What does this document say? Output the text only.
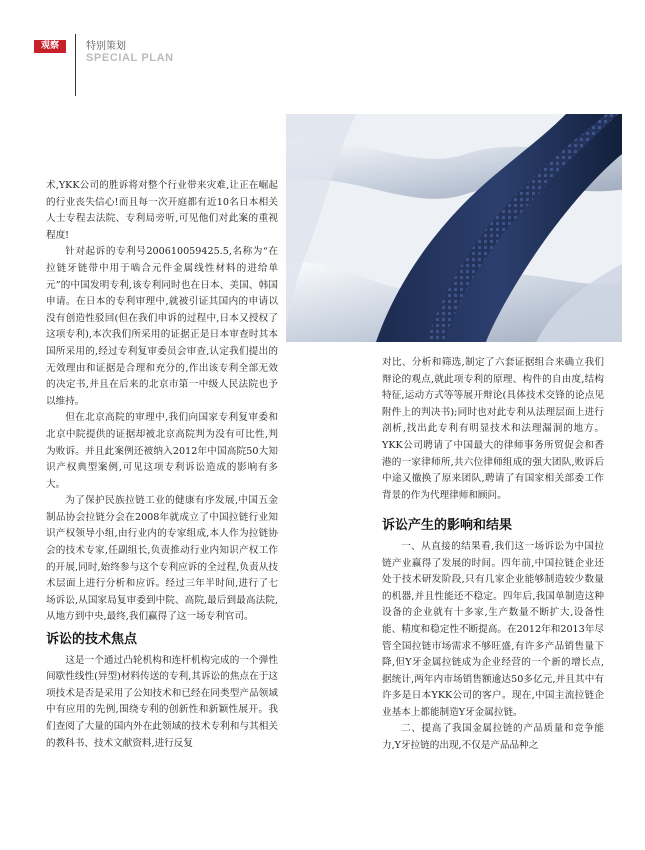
观察	特别策划
SPECIAL PLAN

术,YKK公司的胜诉将对整个行业带来灾难,让正在崛起的行业丧失信心!而且每一次开庭都有近10名日本相关人士专程去法院、专利局旁听,可见他们对此案的重视程度!

针对起诉的专利号200610059425.5,名称为“在拉链牙链带中用于啮合元件金属线性材料的进给单元”的中国发明专利,该专利同时也在日本、美国、韩国申请。在日本的专利审理中,就被引证其国内的申请以没有创造性驳回(但在我们申诉的过程中,日本又授权了这项专利),本次我们所采用的证据正是日本审查时其本国所采用的,经过专利复审委员会审查,认定我们提出的无效理由和证据是合理和充分的,作出该专利全部无效的决定书,并且在后来的北京市第一中级人民法院也予以维持。

但在北京高院的审理中,我们向国家专利复审委和北京中院提供的证据却被北京高院判为没有可比性,判为败诉。并且此案例还被纳入2012年中国高院50大知识产权典型案例,可见这项专利诉讼造成的影响有多大。

为了保护民族拉链工业的健康有序发展,中国五金制品协会拉链分会在2008年就成立了中国拉链行业知识产权领导小组,由行业内的专家组成,本人作为拉链协会的技术专家,任副组长,负责推动行业内知识产权工作的开展,同时,始终参与这个专利应诉的全过程,负责从技术层面上进行分析和应诉。经过三年半时间,进行了七场诉讼,从国家局复审委到中院、高院,最后到最高法院,从地方到中央,最终,我们赢得了这一场专利官司。

诉讼的技术焦点

这是一个通过凸轮机构和连杆机构完成的一个弹性间歇性线性(异型)材料传送的专利,其诉讼的焦点在于这项技术是否是采用了公知技术和已经在同类型产品领域中有应用的先例,围绕专利的创新性和新颖性展开。我们查阅了大量的国内外在此领域的技术专利和与其相关的教科书、技术文献资料,进行反复

对比、分析和筛选,制定了六套证据组合来确立我们辩论的观点,就此项专利的原理、构件的自由度,结构特征,运动方式等等展开辩论(具体技术交锋的论点见附件上的判决书);同时也对此专利从法理层面上进行剖析,找出此专利有明显技术和法理漏洞的地方。YKK公司聘请了中国最大的律师事务所贸促会和香港的一家律师所,共六位律师组成的强大团队,败诉后中途又撤换了原来团队,聘请了有国家相关部委工作背景的作为代理律师和顾问。

诉讼产生的影响和结果

一、从直接的结果看,我们这一场诉讼为中国拉链产业赢得了发展的时间。四年前,中国拉链企业还处于技术研发阶段,只有几家企业能够制造较少数量的机器,并且性能还不稳定。四年后,我国单制造这种设备的企业就有十多家,生产数量不断扩大,设备性能、精度和稳定性不断提高。在2012年和2013年尽管全国拉链市场需求不够旺盛,有许多产品销售量下降,但Y牙金属拉链成为企业经营的一个新的增长点,据统计,两年内市场销售额逾达50多亿元,并且其中有许多是日本YKK公司的客户。现在,中国主流拉链企业基本上都能制造Y牙金属拉链。

二、提高了我国金属拉链的产品质量和竞争能力,Y牙拉链的出现,不仅是产品品种之
